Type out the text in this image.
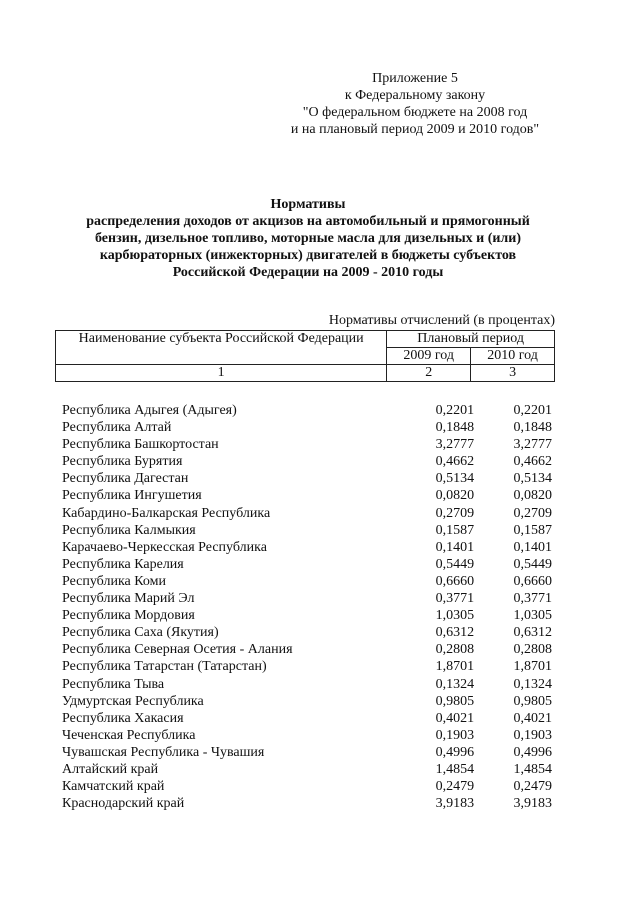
Приложение 5
к Федеральному закону
"О федеральном бюджете на 2008 год
и на плановый период 2009 и 2010 годов"
Нормативы
распределения доходов от акцизов на автомобильный и прямогонный
бензин, дизельное топливо, моторные масла для дизельных и (или)
карбюраторных (инжекторных) двигателей в бюджеты субъектов
Российской Федерации на 2009 - 2010 годы
Нормативы отчислений (в процентах)
Наименование субъекта Российской Федерации	Плановый период	
	2009 год	2010 год
1	2	3
Республика Адыгея (Адыгея)	0,2201	0,2201
Республика Алтай	0,1848	0,1848
Республика Башкортостан	3,2777	3,2777
Республика Бурятия	0,4662	0,4662
Республика Дагестан	0,5134	0,5134
Республика Ингушетия	0,0820	0,0820
Кабардино-Балкарская Республика	0,2709	0,2709
Республика Калмыкия	0,1587	0,1587
Карачаево-Черкесская Республика	0,1401	0,1401
Республика Карелия	0,5449	0,5449
Республика Коми	0,6660	0,6660
Республика Марий Эл	0,3771	0,3771
Республика Мордовия	1,0305	1,0305
Республика Саха (Якутия)	0,6312	0,6312
Республика Северная Осетия - Алания	0,2808	0,2808
Республика Татарстан (Татарстан)	1,8701	1,8701
Республика Тыва	0,1324	0,1324
Удмуртская Республика	0,9805	0,9805
Республика Хакасия	0,4021	0,4021
Чеченская Республика	0,1903	0,1903
Чувашская Республика - Чувашия	0,4996	0,4996
Алтайский край	1,4854	1,4854
Камчатский край	0,2479	0,2479
Краснодарский край	3,9183	3,9183
